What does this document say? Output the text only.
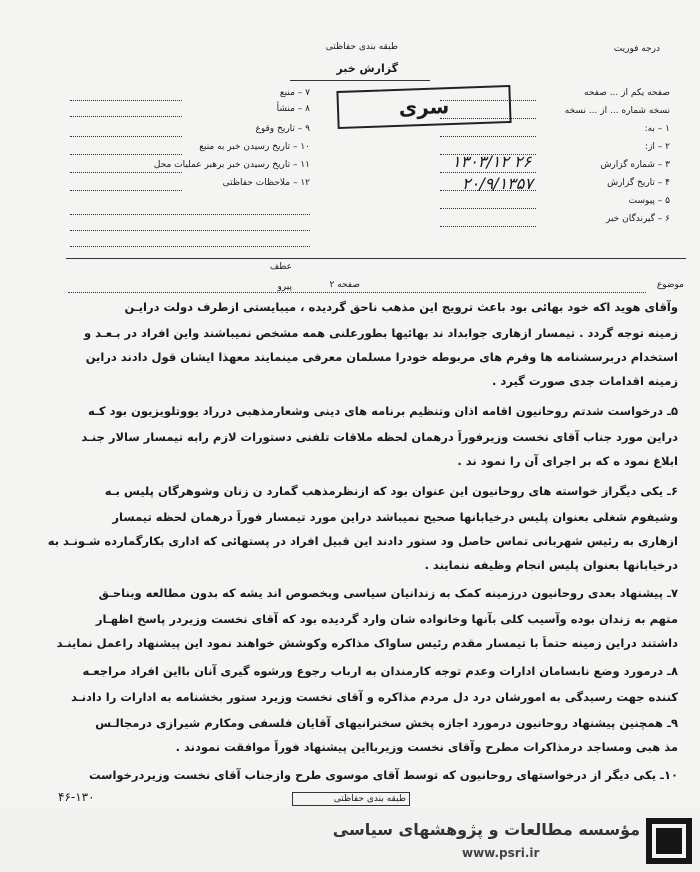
طبقه بندی حفاظتی	درجه فوریت
گزارش خبر
سری
صفحه یکم از ... صفحه
نسخه شماره ... از ... نسخه
۱ – به:
۲ – از:
۳ – شماره گزارش
۴ – تاریخ گزارش
۵ – پیوست
۶ – گیرندگان خبر
۱۳۰۳/۱۲ ۲۶
۲۰/۹/۱۳۵۷
۷ – منبع
۸ – منشأ
۹ – تاریخ وقوع
۱۰ – تاریخ رسیدن خبر به منبع
۱۱ – تاریخ رسیدن خبر برهبر عملیات محل
۱۲ – ملاحظات حفاظتی
عطف
پیرو	موضوع
صفحه ۲
وآقای هوید اکه خود بهائی بود باعث ترویج این مذهب ناحق گردیده ، میبایستی ازطرف دولت درایـن
زمینه توجه گردد . تیمسار ازهاری جوابداد ند بهائیها بطورعلنی همه مشخص نمیباشند واین افراد در بـعـد و
استخدام دربرسشنامه ها وفرم های مربوطه خودرا مسلمان معرفی مینمایند معهذا ایشان قول دادند دراین
زمینه اقدامات جدی صورت گیرد .
۵ـ درخواست ‌شدتم روحانیون اقامه اذان وتنظیم برنامه های دینی وشعارمذهبی درراد یووتلویزیون بود کـه
دراین مورد جناب آقای نخست وزیرفوراً درهمان لحظه ملاقات تلفنی دستورات لازم رابه تیمسار سالار جنـد
ابلاغ ‌نمود ه‌ که بر اجرای آن را نمود ند .
۶ـ یکی دیگراز خواسته های روحانیون این عنوان بود که ازنظرمذهب گمارد ن زنان وشوهرگان پلیس بـه
وشیفوم شغلی بعنوان پلیس درخیابانها صحیح نمیباشد دراین مورد تیمسار فوراً درهمان لحظه تیمسار
ازهاری به رئیس شهربانی تماس حاصل ود ستور دادند این قبیل افراد در پستهائی که اداری بکارگمارده شـونـد به
درخیابانها بعنوان پلیس انجام وظیفه ننمایند .
۷ـ پیشنهاد بعدی روحانیون درزمینه کمک به زندانیان سیاسی وبخصوص اند یشه که بدون مطالعه وبناحـق
متهم به زندان بوده وآسیب کلی بآنها وخانواده شان وارد گردیده بود که آقای نخست وزیردر پاسخ اظهـار
داشتند دراین زمینه حتماً با تیمسار مقدم رئیس ساواک مذاکره وکوشش خواهند نمود این پیشنهاد راعمل نماینـد
۸ـ درمورد وضع نابسامان ادارات وعدم توجه کارمندان به ارباب رجوع ورشوه گیری آنان بااین افراد مراجعـه
کننده جهت رسیدگی به امورشان درد دل مردم مذاکره و آقای نخست وزیرد ستور بخشنامه به ادارات را دادنـد
۹ـ همچنین پیشنهاد روحانیون درمورد اجازه پخش سخنرانیهای آقایان فلسفی ومکارم شیرازی درمجالـس
مذ هبی ومساجد درمذاکرات مطرح وآقای نخست وزیربااین پیشنهاد فوراً موافقت نمودند .
۱۰ـ یکی دیگر از درخواستهای روحانیون که توسط آقای موسوی طرح وازجناب آقای نخست وزیردرخواست
طبقه بندی حفاظتی
۴۶-۱۳۰
مؤسسه مطالعات و پژوهشهای سیاسی
www.psri.ir
